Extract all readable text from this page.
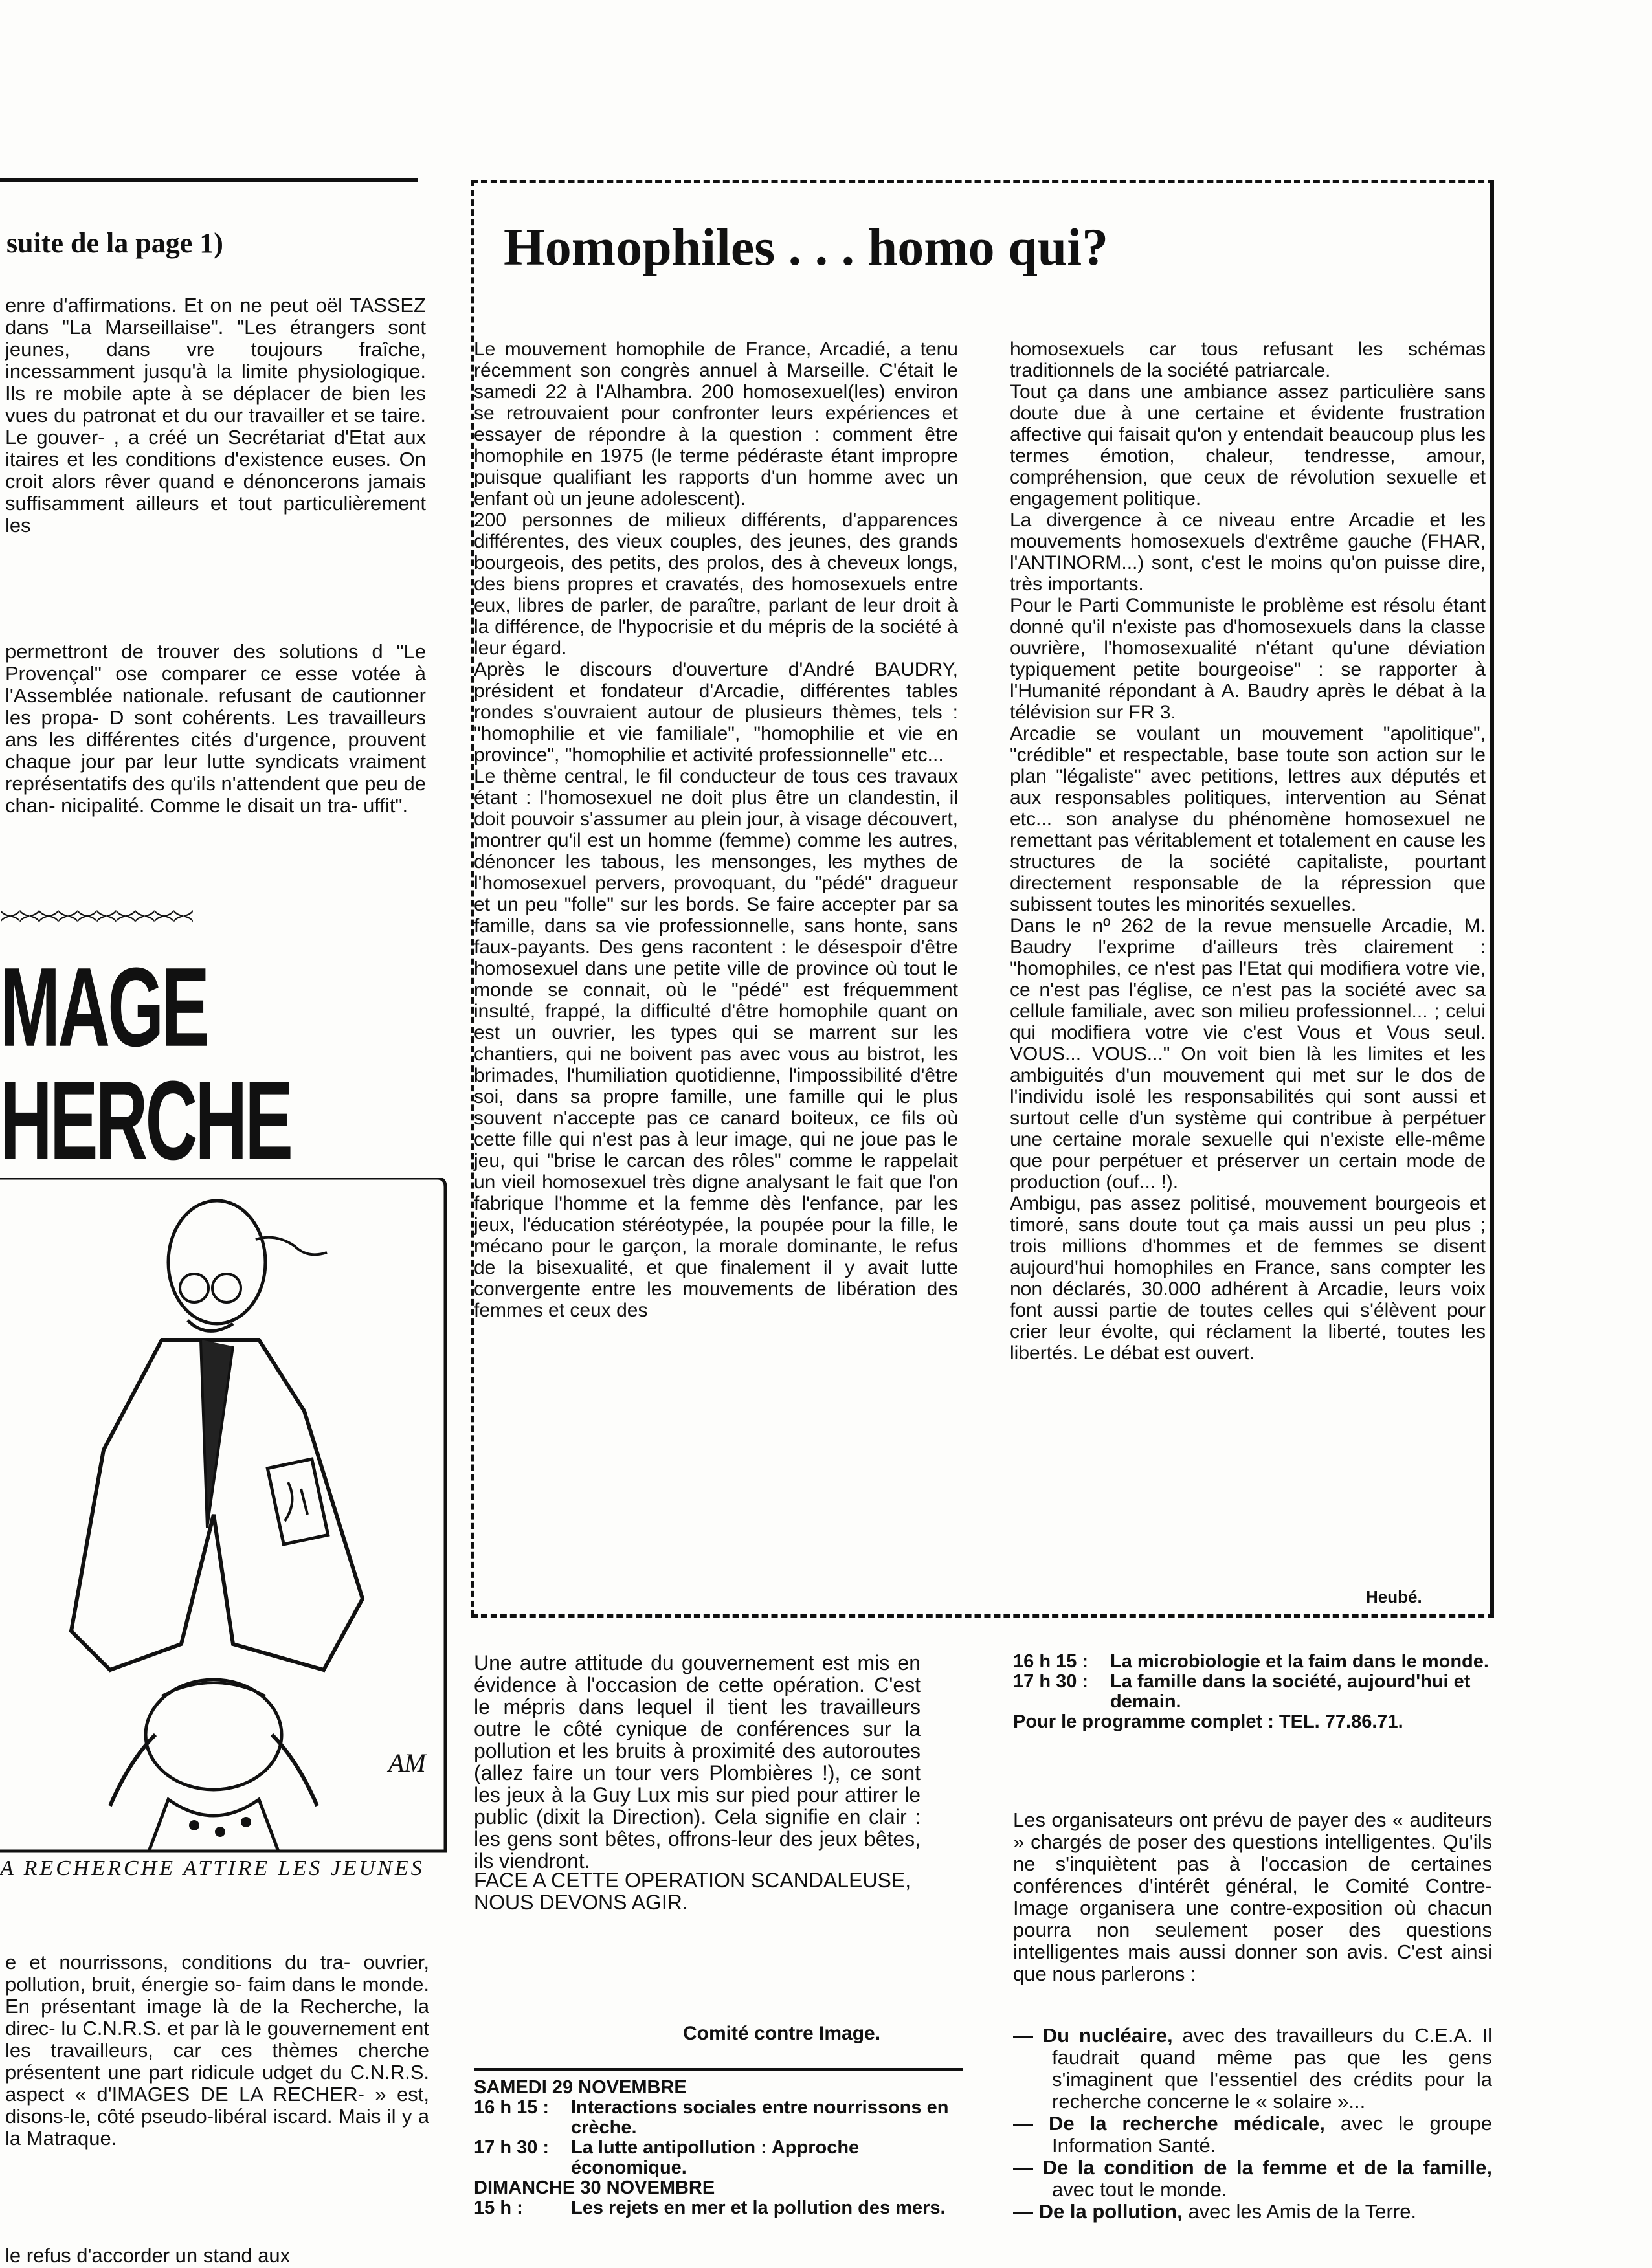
suite de la page 1)
enre d'affirmations. Et on ne peut oël TASSEZ dans "La Marseillaise". "Les étrangers sont jeunes, dans vre toujours fraîche, incessamment jusqu'à la limite physiologique. Ils re mobile apte à se déplacer de bien les vues du patronat et du our travailler et se taire. Le gouver- , a créé un Secrétariat d'Etat aux itaires et les conditions d'existence euses. On croit alors rêver quand e dénoncerons jamais suffisamment ailleurs et tout particulièrement les
permettront de trouver des solutions d "Le Provençal" ose comparer ce esse votée à l'Assemblée nationale. refusant de cautionner les propa- D sont cohérents. Les travailleurs ans les différentes cités d'urgence, prouvent chaque jour par leur lutte syndicats vraiment représentatifs des qu'ils n'attendent que peu de chan- nicipalité. Comme le disait un tra- uffit".
≻≺≻≺≻≺≻≺≻≺≻≺≻≺≻≺≻≺≻≺
MAGE
HERCHE
AM
A RECHERCHE ATTIRE LES JEUNES
e et nourrissons, conditions du tra- ouvrier, pollution, bruit, énergie so- faim dans le monde. En présentant image là de la Recherche, la direc- lu C.N.R.S. et par là le gouvernement ent les travailleurs, car ces thèmes cherche présentent une part ridicule udget du C.N.R.S. aspect « d'IMAGES DE LA RECHER- » est, disons-le, côté pseudo-libéral iscard. Mais il y a la Matraque.
le refus d'accorder un stand aux
Homophiles . . . homo qui?

Le mouvement homophile de France, Arcadié, a tenu récemment son congrès annuel à Marseille. C'était le samedi 22 à l'Alhambra. 200 homosexuel(les) environ se retrouvaient pour confronter leurs expériences et essayer de répondre à la question : comment être homophile en 1975 (le terme pédéraste étant impropre puisque qualifiant les rapports d'un homme avec un enfant où un jeune adolescent).

200 personnes de milieux différents, d'apparences différentes, des vieux couples, des jeunes, des grands bourgeois, des petits, des prolos, des à cheveux longs, des biens propres et cravatés, des homosexuels entre eux, libres de parler, de paraître, parlant de leur droit à la différence, de l'hypocrisie et du mépris de la société à leur égard.

Après le discours d'ouverture d'André BAUDRY, président et fondateur d'Arcadie, différentes tables rondes s'ouvraient autour de plusieurs thèmes, tels : "homophilie et vie familiale", "homophilie et vie en province", "homophilie et activité professionnelle" etc...

Le thème central, le fil conducteur de tous ces travaux étant : l'homosexuel ne doit plus être un clandestin, il doit pouvoir s'assumer au plein jour, à visage découvert, montrer qu'il est un homme (femme) comme les autres, dénoncer les tabous, les mensonges, les mythes de l'homosexuel pervers, provoquant, du "pédé" dragueur et un peu "folle" sur les bords. Se faire accepter par sa famille, dans sa vie professionnelle, sans honte, sans faux-payants. Des gens racontent : le désespoir d'être homosexuel dans une petite ville de province où tout le monde se connait, où le "pédé" est fréquemment insulté, frappé, la difficulté d'être homophile quant on est un ouvrier, les types qui se marrent sur les chantiers, qui ne boivent pas avec vous au bistrot, les brimades, l'humiliation quotidienne, l'impossibilité d'être soi, dans sa propre famille, une famille qui le plus souvent n'accepte pas ce canard boiteux, ce fils où cette fille qui n'est pas à leur image, qui ne joue pas le jeu, qui "brise le carcan des rôles" comme le rappelait un vieil homosexuel très digne analysant le fait que l'on fabrique l'homme et la femme dès l'enfance, par les jeux, l'éducation stéréotypée, la poupée pour la fille, le mécano pour le garçon, la morale dominante, le refus de la bisexualité, et que finalement il y avait lutte convergente entre les mouvements de libération des femmes et ceux des

homosexuels car tous refusant les schémas traditionnels de la société patriarcale.

Tout ça dans une ambiance assez particulière sans doute due à une certaine et évidente frustration affective qui faisait qu'on y entendait beaucoup plus les termes émotion, chaleur, tendresse, amour, compréhension, que ceux de révolution sexuelle et engagement politique.

La divergence à ce niveau entre Arcadie et les mouvements homosexuels d'extrême gauche (FHAR, l'ANTINORM...) sont, c'est le moins qu'on puisse dire, très importants.

Pour le Parti Communiste le problème est résolu étant donné qu'il n'existe pas d'homosexuels dans la classe ouvrière, l'homosexualité n'étant qu'une déviation typiquement petite bourgeoise" : se rapporter à l'Humanité répondant à A. Baudry après le débat à la télévision sur FR 3.

Arcadie se voulant un mouvement "apolitique", "crédible" et respectable, base toute son action sur le plan "légaliste" avec petitions, lettres aux députés et aux responsables politiques, intervention au Sénat etc... son analyse du phénomène homosexuel ne remettant pas véritablement et totalement en cause les structures de la société capitaliste, pourtant directement responsable de la répression que subissent toutes les minorités sexuelles.

Dans le nº 262 de la revue mensuelle Arcadie, M. Baudry l'exprime d'ailleurs très clairement : "homophiles, ce n'est pas l'Etat qui modifiera votre vie, ce n'est pas l'église, ce n'est pas la société avec sa cellule familiale, avec son milieu professionnel... ; celui qui modifiera votre vie c'est Vous et Vous seul. VOUS... VOUS..." On voit bien là les limites et les ambiguités d'un mouvement qui met sur le dos de l'individu isolé les responsabilités qui sont aussi et surtout celle d'un système qui contribue à perpétuer une certaine morale sexuelle qui n'existe elle-même que pour perpétuer et préserver un certain mode de production (ouf... !).

Ambigu, pas assez politisé, mouvement bourgeois et timoré, sans doute tout ça mais aussi un peu plus ; trois millions d'hommes et de femmes se disent aujourd'hui homophiles en France, sans compter les non déclarés, 30.000 adhérent à Arcadie, leurs voix font aussi partie de toutes celles qui s'élèvent pour crier leur évolte, qui réclament la liberté, toutes les libertés. Le débat est ouvert.

Heubé.
Une autre attitude du gouvernement est mis en évidence à l'occasion de cette opération. C'est le mépris dans lequel il tient les travailleurs outre le côté cynique de conférences sur la pollution et les bruits à proximité des autoroutes (allez faire un tour vers Plombières !), ce sont les jeux à la Guy Lux mis sur pied pour attirer le public (dixit la Direction). Cela signifie en clair : les gens sont bêtes, offrons-leur des jeux bêtes, ils viendront.
FACE A CETTE OPERATION SCANDALEUSE, NOUS DEVONS AGIR.
Comité contre Image.
SAMEDI 29 NOVEMBRE
16 h 15 :	Interactions sociales entre nourrissons en crèche.
17 h 30 :	La lutte antipollution : Approche économique.
DIMANCHE 30 NOVEMBRE
15 h :	Les rejets en mer et la pollution des mers.
16 h 15 :	La microbiologie et la faim dans le monde.
17 h 30 :	La famille dans la société, aujourd'hui et demain.
Pour le programme complet : TEL. 77.86.71.
Les organisateurs ont prévu de payer des « auditeurs » chargés de poser des questions intelligentes. Qu'ils ne s'inquiètent pas à l'occasion de certaines conférences d'intérêt général, le Comité Contre-Image organisera une contre-exposition où chacun pourra non seulement poser des questions intelligentes mais aussi donner son avis. C'est ainsi que nous parlerons :

— Du nucléaire, avec des travailleurs du C.E.A. Il faudrait quand même pas que les gens s'imaginent que l'essentiel des crédits pour la recherche concerne le « solaire »...

— De la recherche médicale, avec le groupe Information Santé.

— De la condition de la femme et de la famille, avec tout le monde.

— De la pollution, avec les Amis de la Terre.
